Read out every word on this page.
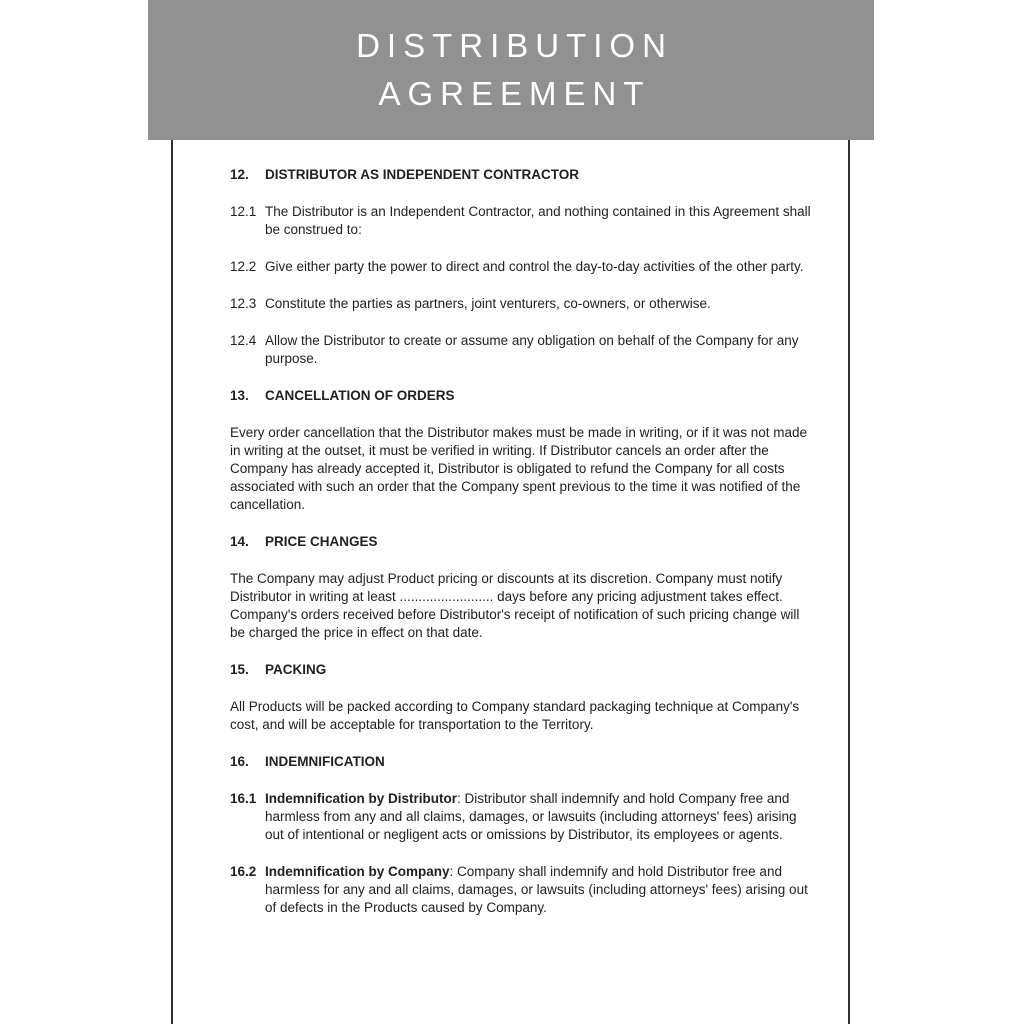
DISTRIBUTION
AGREEMENT
12.	DISTRIBUTOR AS INDEPENDENT CONTRACTOR
12.1 The Distributor is an Independent Contractor, and nothing contained in this Agreement shall be construed to:
12.2 Give either party the power to direct and control the day-to-day activities of the other party.
12.3 Constitute the parties as partners, joint venturers, co-owners, or otherwise.
12.4 Allow the Distributor to create or assume any obligation on behalf of the Company for any purpose.
13.	CANCELLATION OF ORDERS
Every order cancellation that the Distributor makes must be made in writing, or if it was not made in writing at the outset, it must be verified in writing. If Distributor cancels an order after the Company has already accepted it, Distributor is obligated to refund the Company for all costs associated with such an order that the Company spent previous to the time it was notified of the cancellation.
14.	PRICE CHANGES
The Company may adjust Product pricing or discounts at its discretion. Company must notify Distributor in writing at least ......................... days before any pricing adjustment takes effect. Company's orders received before Distributor's receipt of notification of such pricing change will be charged the price in effect on that date.
15.	PACKING
All Products will be packed according to Company standard packaging technique at Company's cost, and will be acceptable for transportation to the Territory.
16.	INDEMNIFICATION
16.1 Indemnification by Distributor: Distributor shall indemnify and hold Company free and harmless from any and all claims, damages, or lawsuits (including attorneys' fees) arising out of intentional or negligent acts or omissions by Distributor, its employees or agents.
16.2 Indemnification by Company: Company shall indemnify and hold Distributor free and harmless for any and all claims, damages, or lawsuits (including attorneys' fees) arising out of defects in the Products caused by Company.
